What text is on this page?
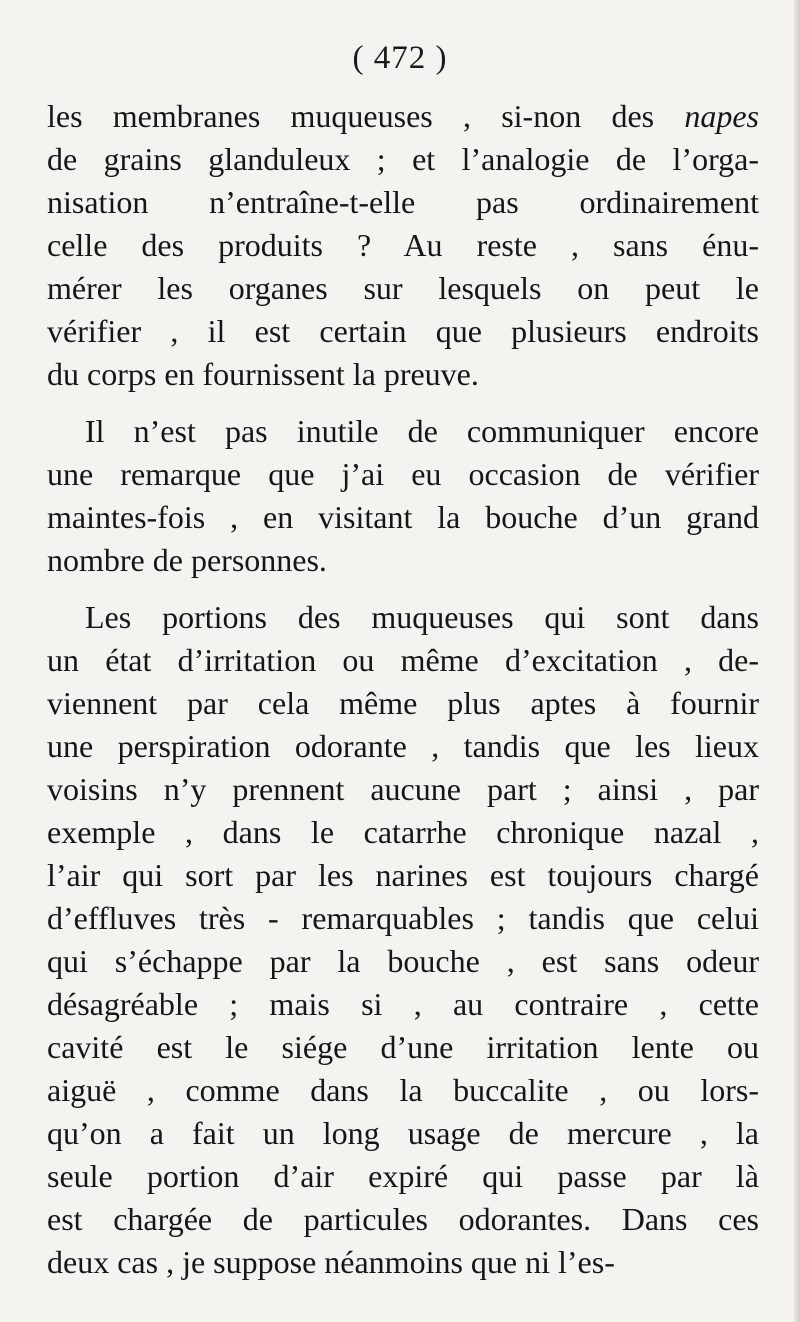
( 472 )
les membranes muqueuses , si-non des napes
de grains glanduleux ; et l’analogie de l’orga-
nisation n’entraîne-t-elle pas ordinairement
celle des produits ? Au reste , sans énu-
mérer les organes sur lesquels on peut le
vérifier , il est certain que plusieurs endroits
du corps en fournissent la preuve.
Il n’est pas inutile de communiquer encore
une remarque que j’ai eu occasion de vérifier
maintes-fois , en visitant la bouche d’un grand
nombre de personnes.
Les portions des muqueuses qui sont dans
un état d’irritation ou même d’excitation , de-
viennent par cela même plus aptes à fournir
une perspiration odorante , tandis que les lieux
voisins n’y prennent aucune part ; ainsi , par
exemple , dans le catarrhe chronique nazal ,
l’air qui sort par les narines est toujours chargé
d’effluves très - remarquables ; tandis que celui
qui s’échappe par la bouche , est sans odeur
désagréable ; mais si , au contraire , cette
cavité est le siége d’une irritation lente ou
aiguë , comme dans la buccalite , ou lors-
qu’on a fait un long usage de mercure , la
seule portion d’air expiré qui passe par là
est chargée de particules odorantes. Dans ces
deux cas , je suppose néanmoins que ni l’es-
